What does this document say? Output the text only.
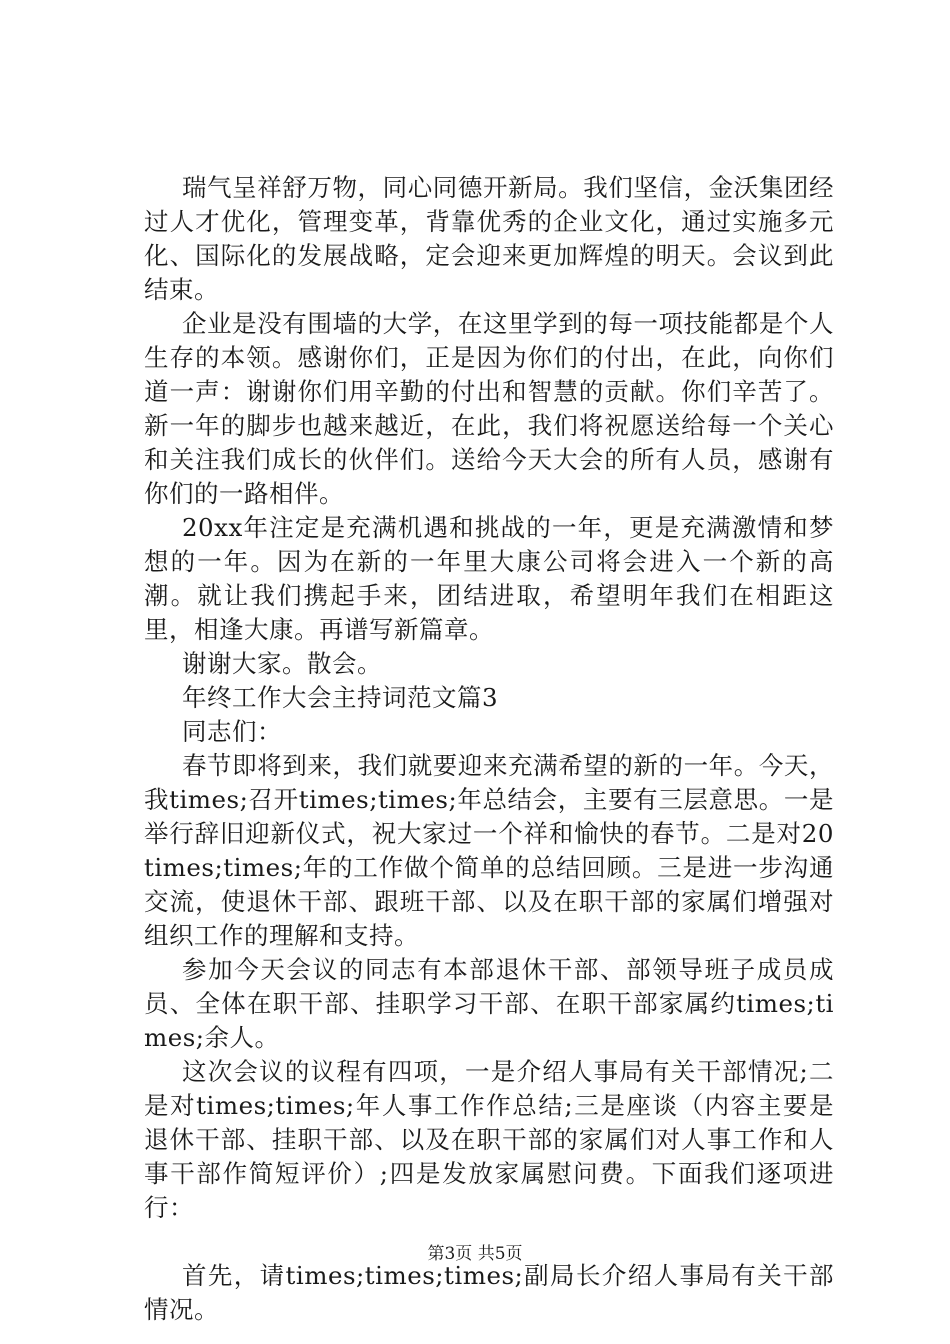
瑞气呈祥舒万物，同心同德开新局。我们坚信，金沃集团经过人才优化，管理变革，背靠优秀的企业文化，通过实施多元化、国际化的发展战略，定会迎来更加辉煌的明天。会议到此结束。

企业是没有围墙的大学，在这里学到的每一项技能都是个人生存的本领。感谢你们，正是因为你们的付出，在此，向你们道一声：谢谢你们用辛勤的付出和智慧的贡献。你们辛苦了。新一年的脚步也越来越近，在此，我们将祝愿送给每一个关心和关注我们成长的伙伴们。送给今天大会的所有人员，感谢有你们的一路相伴。

20xx年注定是充满机遇和挑战的一年，更是充满激情和梦想的一年。因为在新的一年里大康公司将会进入一个新的高潮。就让我们携起手来，团结进取，希望明年我们在相距这里，相逢大康。再谱写新篇章。

谢谢大家。散会。

年终工作大会主持词范文篇3

同志们：

春节即将到来，我们就要迎来充满希望的新的一年。今天，我times;召开times;times;年总结会，主要有三层意思。一是举行辞旧迎新仪式，祝大家过一个祥和愉快的春节。二是对20times;times;年的工作做个简单的总结回顾。三是进一步沟通交流，使退休干部、跟班干部、以及在职干部的家属们增强对组织工作的理解和支持。

参加今天会议的同志有本部退休干部、部领导班子成员成员、全体在职干部、挂职学习干部、在职干部家属约times;times;余人。

这次会议的议程有四项，一是介绍人事局有关干部情况;二是对times;times;年人事工作作总结;三是座谈（内容主要是退休干部、挂职干部、以及在职干部的家属们对人事工作和人事干部作简短评价）;四是发放家属慰问费。下面我们逐项进行：

首先，请times;times;times;副局长介绍人事局有关干部情况。

第3页 共5页
